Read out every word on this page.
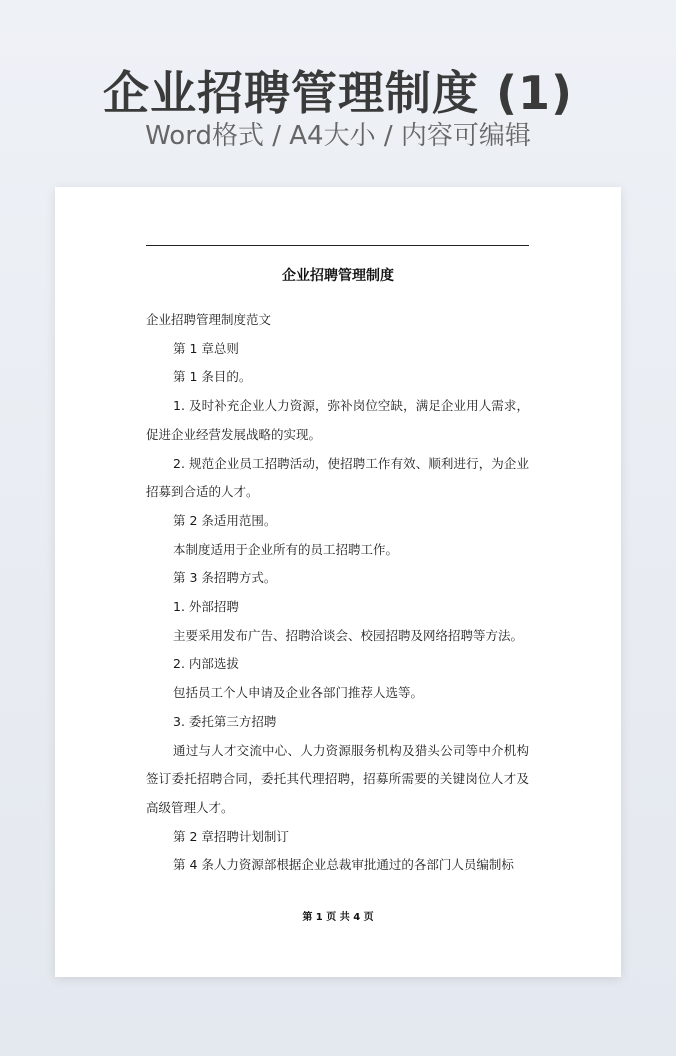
企业招聘管理制度 (1)
Word格式 / A4大小 / 内容可编辑
企业招聘管理制度

企业招聘管理制度范文

第 1 章总则

第 1 条目的。

1. 及时补充企业人力资源，弥补岗位空缺，满足企业用人需求，促进企业经营发展战略的实现。

2. 规范企业员工招聘活动，使招聘工作有效、顺利进行，为企业招募到合适的人才。

第 2 条适用范围。

本制度适用于企业所有的员工招聘工作。

第 3 条招聘方式。

1. 外部招聘

主要采用发布广告、招聘洽谈会、校园招聘及网络招聘等方法。

2. 内部选拔

包括员工个人申请及企业各部门推荐人选等。

3. 委托第三方招聘

通过与人才交流中心、人力资源服务机构及猎头公司等中介机构签订委托招聘合同，委托其代理招聘，招募所需要的关键岗位人才及高级管理人才。

第 2 章招聘计划制订

第 4 条人力资源部根据企业总裁审批通过的各部门人员编制标

第 1 页 共 4 页
